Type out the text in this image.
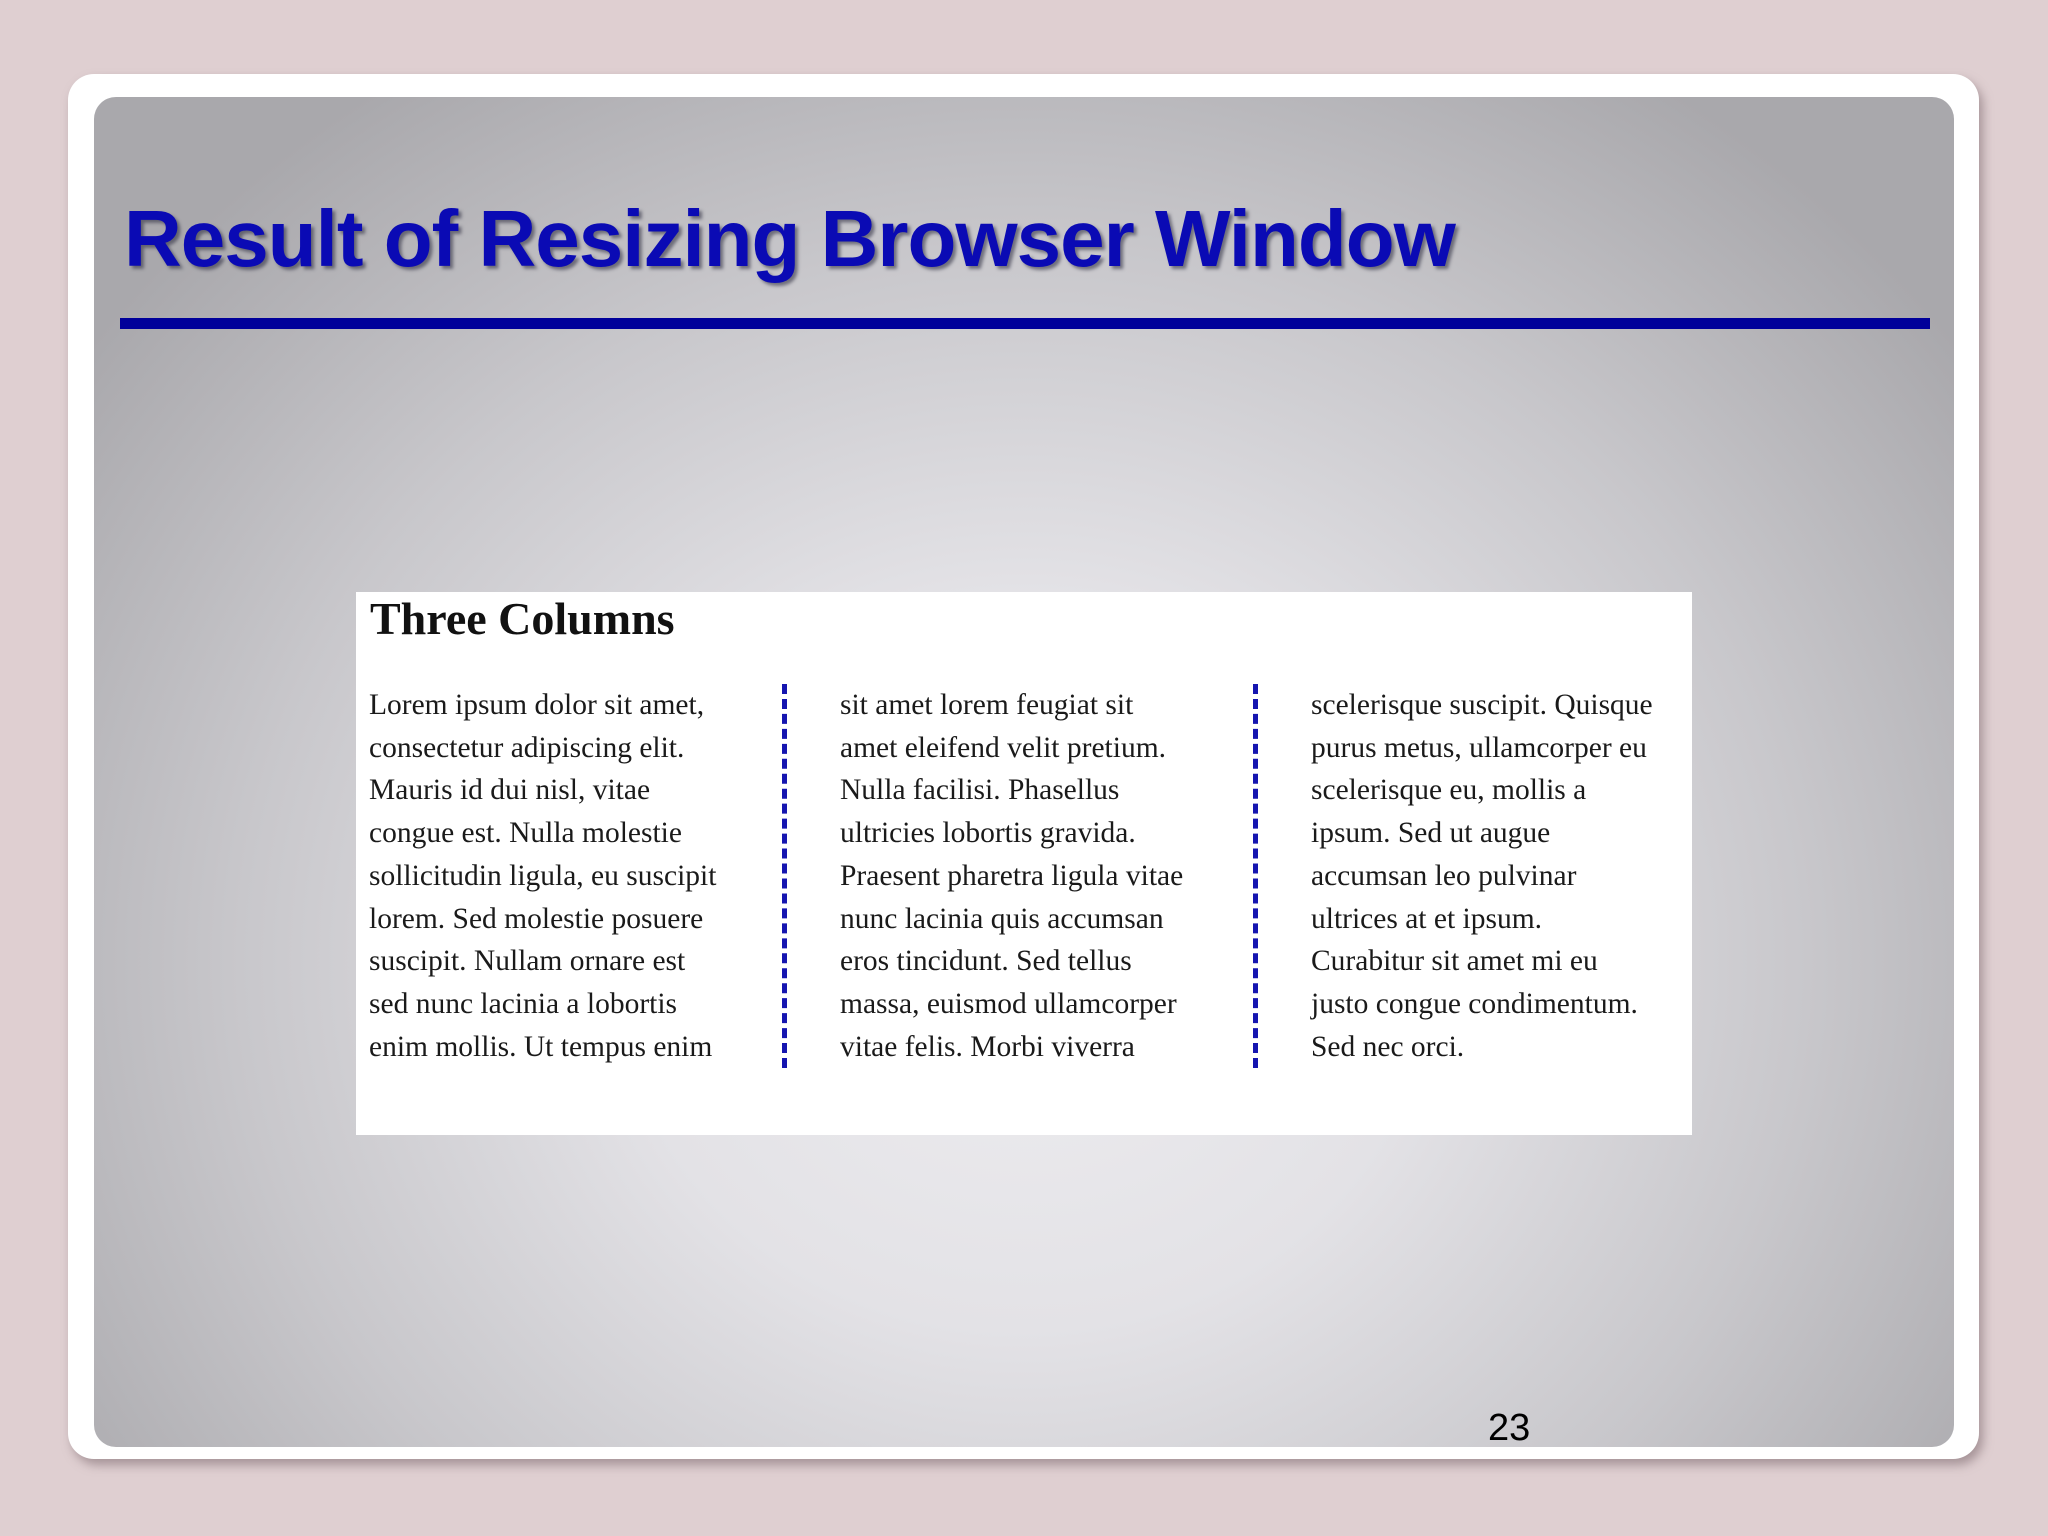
Result of Resizing Browser Window
Three Columns
Lorem ipsum dolor sit amet,
consectetur adipiscing elit.
Mauris id dui nisl, vitae
congue est. Nulla molestie
sollicitudin ligula, eu suscipit
lorem. Sed molestie posuere
suscipit. Nullam ornare est
sed nunc lacinia a lobortis
enim mollis. Ut tempus enim
sit amet lorem feugiat sit
amet eleifend velit pretium.
Nulla facilisi. Phasellus
ultricies lobortis gravida.
Praesent pharetra ligula vitae
nunc lacinia quis accumsan
eros tincidunt. Sed tellus
massa, euismod ullamcorper
vitae felis. Morbi viverra
scelerisque suscipit. Quisque
purus metus, ullamcorper eu
scelerisque eu, mollis a
ipsum. Sed ut augue
accumsan leo pulvinar
ultrices at et ipsum.
Curabitur sit amet mi eu
justo congue condimentum.
Sed nec orci.
23
